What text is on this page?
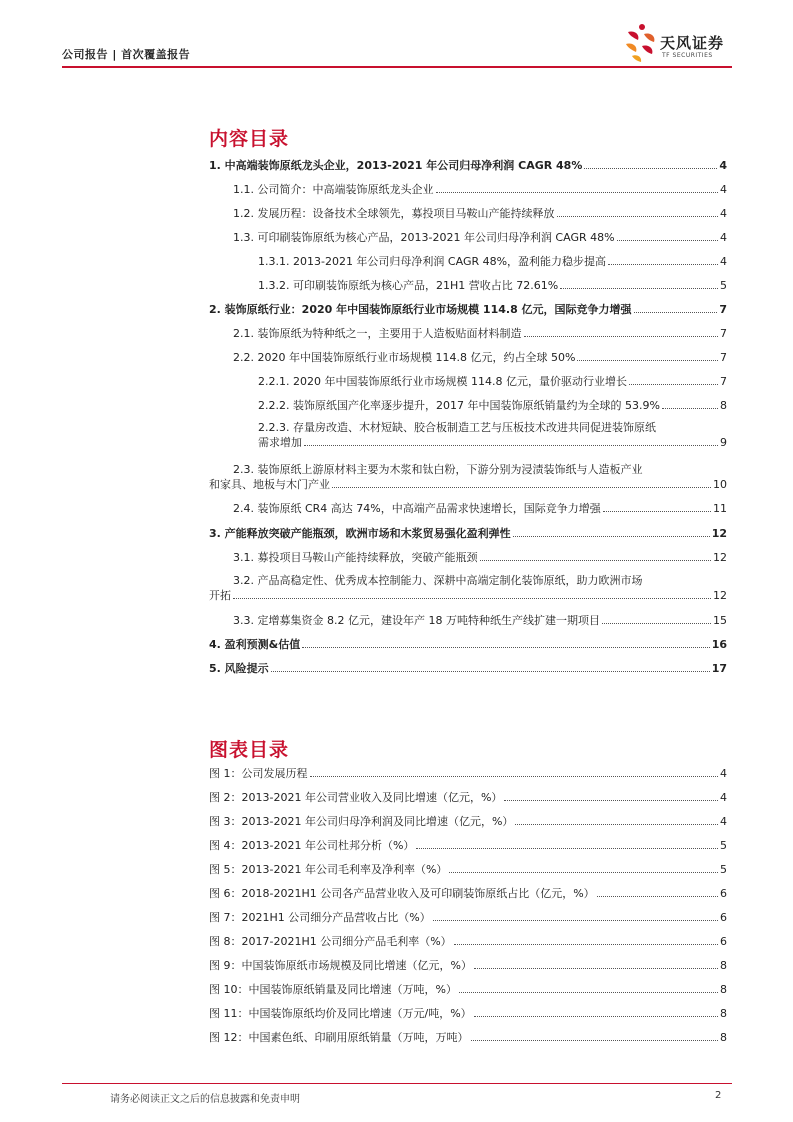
公司报告 | 首次覆盖报告
天风证券
TF SECURITIES
内容目录
1. 中高端装饰原纸龙头企业，2013-2021 年公司归母净利润 CAGR 48%	4
1.1. 公司简介：中高端装饰原纸龙头企业	4
1.2. 发展历程：设备技术全球领先，募投项目马鞍山产能持续释放	4
1.3. 可印刷装饰原纸为核心产品，2013-2021 年公司归母净利润 CAGR 48%	4
1.3.1. 2013-2021 年公司归母净利润 CAGR 48%，盈利能力稳步提高	4
1.3.2. 可印刷装饰原纸为核心产品，21H1 营收占比 72.61%	5
2. 装饰原纸行业：2020 年中国装饰原纸行业市场规模 114.8 亿元，国际竞争力增强	7
2.1. 装饰原纸为特种纸之一，主要用于人造板贴面材料制造	7
2.2. 2020 年中国装饰原纸行业市场规模 114.8 亿元，约占全球 50%	7
2.2.1. 2020 年中国装饰原纸行业市场规模 114.8 亿元，量价驱动行业增长	7
2.2.2. 装饰原纸国产化率逐步提升，2017 年中国装饰原纸销量约为全球的 53.9%	8
2.2.3. 存量房改造、木材短缺、胶合板制造工艺与压板技术改进共同促进装饰原纸
需求增加	9
2.3. 装饰原纸上游原材料主要为木浆和钛白粉，下游分别为浸渍装饰纸与人造板产业
和家具、地板与木门产业	10
2.4. 装饰原纸 CR4 高达 74%，中高端产品需求快速增长，国际竞争力增强	11
3. 产能释放突破产能瓶颈，欧洲市场和木浆贸易强化盈利弹性	12
3.1. 募投项目马鞍山产能持续释放，突破产能瓶颈	12
3.2. 产品高稳定性、优秀成本控制能力、深耕中高端定制化装饰原纸，助力欧洲市场
开拓	12
3.3. 定增募集资金 8.2 亿元，建设年产 18 万吨特种纸生产线扩建一期项目	15
4. 盈利预测&估值	16
5. 风险提示	17
图表目录
图 1：公司发展历程	4
图 2：2013-2021 年公司营业收入及同比增速（亿元，%）	4
图 3：2013-2021 年公司归母净利润及同比增速（亿元，%）	4
图 4：2013-2021 年公司杜邦分析（%）	5
图 5：2013-2021 年公司毛利率及净利率（%）	5
图 6：2018-2021H1 公司各产品营业收入及可印刷装饰原纸占比（亿元，%）	6
图 7：2021H1 公司细分产品营收占比（%）	6
图 8：2017-2021H1 公司细分产品毛利率（%）	6
图 9：中国装饰原纸市场规模及同比增速（亿元，%）	8
图 10：中国装饰原纸销量及同比增速（万吨，%）	8
图 11：中国装饰原纸均价及同比增速（万元/吨，%）	8
图 12：中国素色纸、印刷用原纸销量（万吨，万吨）	8
请务必阅读正文之后的信息披露和免责申明	2
